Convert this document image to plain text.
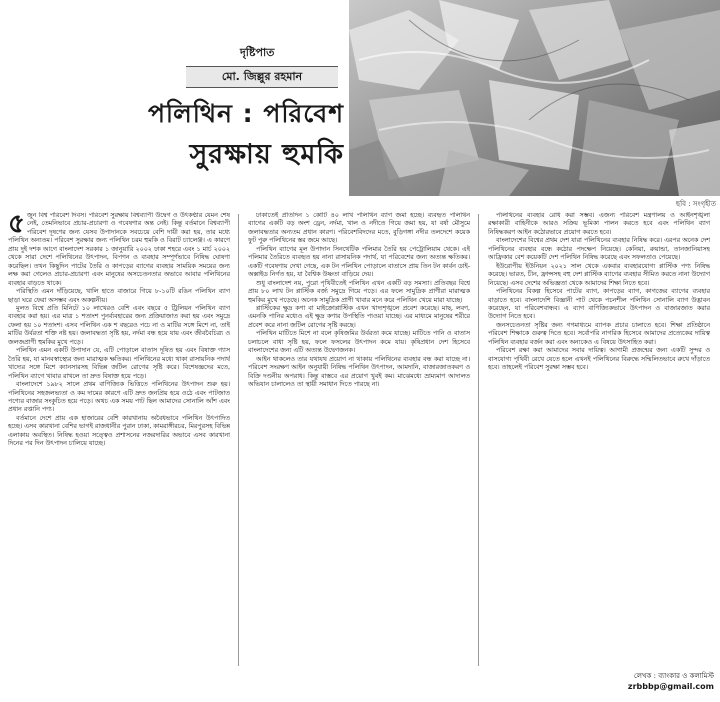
দৃষ্টিপাত
মো. জিল্লুর রহমান
পলিথিন : পরিবেশ
সুরক্ষায় হুমকি
ছবি : সংগৃহীত

৫ জুন বিশ্ব পরিবেশ দিবস। পরিবেশ সুরক্ষায় বিশ্বব্যাপী উদ্বেগ ও উৎকণ্ঠার যেমন শেষ নেই, তেমনিভাবে প্রচার-প্রচারণা ও গবেষণার অন্ত নেই। কিন্তু বর্তমানে বিশ্বব্যাপী পরিবেশ দূষণের জন্য যেসব উপাদানকে সবচেয়ে বেশি দায়ী করা হয়, তার মধ্যে পলিথিন অন্যতম। পরিবেশ সুরক্ষার জন্য পলিথিন চরম হুমকি ও বিরাট চ্যালেঞ্জ। এ কারণে প্রায় দুই দশক আগে বাংলাদেশ সরকার ১ জানুয়ারি ২০০২ ঢাকা শহরে এবং ১ মার্চ ২০০২ থেকে সারা দেশে পলিথিনের উৎপাদন, বিপণন ও ব্যবহার সম্পূর্ণভাবে নিষিদ্ধ ঘোষণা করেছিল। তখন কিছুদিন পাটের তৈরি ও কাপড়ের ব্যাগের ব্যবহার সাময়িক সময়ের জন্য লক্ষ করা গেলেও প্রচার-প্রচারণা এবং মানুষের অসচেতনতার অভাবে আবার পলিথিনের ব্যবহার বাড়তে থাকে।

পরিস্থিতি এমন দাঁড়িয়েছে, খালি হাতে বাজারে গিয়ে ৮-১০টি রঙিন পলিথিন ব্যাগ ছাড়া ঘরে ফেরা অসম্ভব এবং অকল্পনীয়।

মূলত বিশ্বে প্রতি মিনিটে ১০ লাখেরও বেশি এবং বছরে ৫ ট্রিলিয়ন পলিথিন ব্যাগ ব্যবহার করা হয়। এর মাত্র ১ শতাংশ পুনর্ব্যবহারের জন্য প্রক্রিয়াজাত করা হয় এবং সমুদ্রে ফেলা হয় ১০ শতাংশ। এসব পলিথিন এক শ বছরেও পচে না ও মাটির সঙ্গে মিশে না, তাই মাটির উর্বরতা শক্তি নষ্ট হয়। জলাবদ্ধতা সৃষ্টি হয়, নর্দমা বন্ধ হয়ে যায় এবং জীববৈচিত্র্য ও জলজপ্রাণী হুমকির মুখে পড়ে।

পলিথিন এমন একটি উপাদান যে, এটি পোড়ালে বাতাস দূষিত হয় এবং বিষাক্ত গ্যাস তৈরি হয়, যা মানবস্বাস্থ্যের জন্য মারাত্মক ক্ষতিকর। পলিথিনের মধ্যে থাকা রাসায়নিক পদার্থ খাদ্যের সঙ্গে মিশে ক্যানসারসহ বিভিন্ন জটিল রোগের সৃষ্টি করে। বিশেষজ্ঞদের মতে, পলিথিন ব্যাগে খাবার রাখলে তা দ্রুত বিষাক্ত হয়ে পড়ে।

বাংলাদেশে ১৯৮২ সালে প্রথম বাণিজ্যিক ভিত্তিতে পলিথিনের উৎপাদন শুরু হয়। পলিথিনের সহজলভ্যতা ও কম দামের কারণে এটি দ্রুত জনপ্রিয় হয়ে ওঠে এবং পাটজাত পণ্যের বাজার সংকুচিত হয়ে পড়ে। অথচ এক সময় পাট ছিল আমাদের সোনালি আঁশ এবং প্রধান রপ্তানি পণ্য।

বর্তমানে দেশে প্রায় এক হাজারের বেশি কারখানায় অবৈধভাবে পলিথিন উৎপাদিত হচ্ছে। এসব কারখানা বেশির ভাগই রাজধানীর পুরান ঢাকা, কামরাঙ্গীরচর, মিরপুরসহ বিভিন্ন এলাকায় অবস্থিত। নিষিদ্ধ হওয়া সত্ত্বেও প্রশাসনের নজরদারির অভাবে এসব কারখানা দিনের পর দিন উৎপাদন চালিয়ে যাচ্ছে।

ঢাকাতেই প্রতিদিন ১ কোটি ৪০ লাখ পলিথিন ব্যাগ জমা হচ্ছে। ব্যবহৃত পলিথিন ব্যাগের একটি বড় অংশ ড্রেন, নর্দমা, খাল ও নদীতে গিয়ে জমা হয়, যা বর্ষা মৌসুমে জলাবদ্ধতার অন্যতম প্রধান কারণ। পরিবেশবিদদের মতে, বুড়িগঙ্গা নদীর তলদেশে কয়েক ফুট পুরু পলিথিনের স্তর জমে আছে।

পলিথিন ব্যাগের মূল উপাদান সিনথেটিক পলিমার তৈরি হয় পেট্রোলিয়াম থেকে। এই পলিমার তৈরিতে ব্যবহৃত হয় নানা রাসায়নিক পদার্থ, যা পরিবেশের জন্য অত্যন্ত ক্ষতিকর। একটি গবেষণায় দেখা গেছে, এক টন পলিথিন পোড়ালে বাতাসে প্রায় তিন টন কার্বন ডাই-অক্সাইড নির্গত হয়, যা বৈশ্বিক উষ্ণতা বাড়িয়ে দেয়।

শুধু বাংলাদেশ নয়, পুরো পৃথিবীতেই পলিথিন এখন একটি বড় সমস্যা। প্রতিবছর বিশ্বে প্রায় ৮০ লাখ টন প্লাস্টিক বর্জ্য সমুদ্রে গিয়ে পড়ে। এর ফলে সামুদ্রিক প্রাণীরা মারাত্মক হুমকির মুখে পড়েছে। অনেক সামুদ্রিক প্রাণী খাবার মনে করে পলিথিন খেয়ে মারা যাচ্ছে।

প্লাস্টিকের ক্ষুদ্র কণা বা মাইক্রোপ্লাস্টিক এখন খাদ্যশৃঙ্খলে প্রবেশ করেছে। মাছ, লবণ, এমনকি পানির মধ্যেও এই ক্ষুদ্র কণার উপস্থিতি পাওয়া যাচ্ছে। এর মাধ্যমে মানুষের শরীরে প্রবেশ করে নানা জটিল রোগের সৃষ্টি করছে।

পলিথিন মাটিতে মিশে না বলে কৃষিজমির উর্বরতা কমে যাচ্ছে। মাটিতে পানি ও বাতাস চলাচলে বাধা সৃষ্টি হয়, ফলে ফসলের উৎপাদন কমে যায়। কৃষিপ্রধান দেশ হিসেবে বাংলাদেশের জন্য এটি অত্যন্ত উদ্বেগজনক।

আইন থাকলেও তার যথাযথ প্রয়োগ না থাকায় পলিথিনের ব্যবহার বন্ধ করা যাচ্ছে না। পরিবেশ সংরক্ষণ আইন অনুযায়ী নিষিদ্ধ পলিথিন উৎপাদন, আমদানি, বাজারজাতকরণ ও বিক্রি দণ্ডনীয় অপরাধ। কিন্তু বাস্তবে এর প্রয়োগ খুবই কম। মাঝেমধ্যে ভ্রাম্যমাণ আদালত অভিযান চালালেও তা স্থায়ী সমাধান দিতে পারছে না।

পলিথিনের ব্যবহার রোধ করা সম্ভব। এজন্য পরিবেশ মন্ত্রণালয় ও আইনশৃঙ্খলা রক্ষাকারী বাহিনীকে আরও সক্রিয় ভূমিকা পালন করতে হবে এবং পলিথিন ব্যাগ নিষিদ্ধকরণ আইন কঠোরভাবে প্রয়োগ করতে হবে।

বাংলাদেশের বিশ্বের প্রথম দেশ যারা পলিথিনের ব্যবহার নিষিদ্ধ করে। এরপর অনেক দেশ পলিথিনের ব্যবহার বন্ধে কঠোর পদক্ষেপ নিয়েছে। কেনিয়া, রুয়ান্ডা, তানজানিয়াসহ আফ্রিকার বেশ কয়েকটি দেশ পলিথিন নিষিদ্ধ করেছে এবং সফলতাও পেয়েছে।

ইউরোপীয় ইউনিয়ন ২০২১ সাল থেকে একবার ব্যবহারযোগ্য প্লাস্টিক পণ্য নিষিদ্ধ করেছে। ভারত, চীন, ফ্রান্সসহ বহু দেশ প্লাস্টিক ব্যাগের ব্যবহার সীমিত করতে নানা উদ্যোগ নিয়েছে। এসব দেশের অভিজ্ঞতা থেকে আমাদের শিক্ষা নিতে হবে।

পলিথিনের বিকল্প হিসেবে পাটের ব্যাগ, কাপড়ের ব্যাগ, কাগজের ব্যাগের ব্যবহার বাড়াতে হবে। বাংলাদেশি বিজ্ঞানী পাট থেকে পচনশীল পলিথিন সোনালি ব্যাগ উদ্ভাবন করেছেন, যা পরিবেশবান্ধব। এ ব্যাগ বাণিজ্যিকভাবে উৎপাদন ও বাজারজাত করার উদ্যোগ নিতে হবে।

জনসচেতনতা সৃষ্টির জন্য গণমাধ্যমে ব্যাপক প্রচার চালাতে হবে। শিক্ষা প্রতিষ্ঠানে পরিবেশ শিক্ষাকে গুরুত্ব দিতে হবে। সর্বোপরি নাগরিক হিসেবে আমাদের প্রত্যেকের দায়িত্ব পলিথিন ব্যবহার বর্জন করা এবং অন্যকেও এ বিষয়ে উৎসাহিত করা।

পরিবেশ রক্ষা করা আমাদের সবার দায়িত্ব। আগামী প্রজন্মের জন্য একটি সুন্দর ও বাসযোগ্য পৃথিবী রেখে যেতে হলে এখনই পলিথিনের বিরুদ্ধে সম্মিলিতভাবে রুখে দাঁড়াতে হবে। তাহলেই পরিবেশ সুরক্ষা সম্ভব হবে।

লেখক : ব্যাংকার ও কলামিস্ট
zrbbbp@gmail.com
